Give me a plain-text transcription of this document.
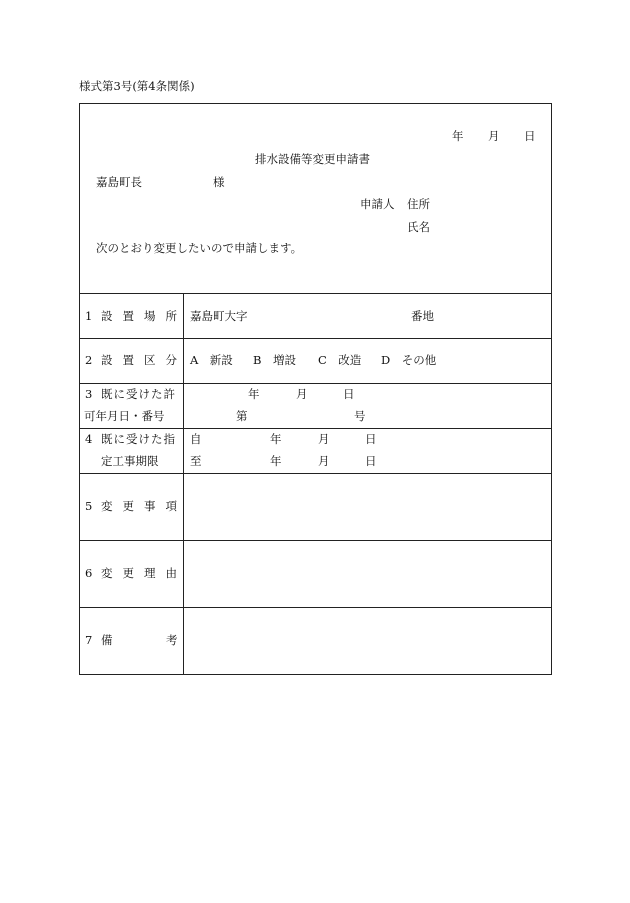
様式第3号(第4条関係)
年 月 日
排水設備等変更申請書
嘉島町長	様
申請人 住所
氏名
次のとおり変更したいので申請します。
1 設 置 場 所 嘉島町大字	番地
2 設 置 区 分 A　新設 B　増設 C　改造 D　その他
3 既に受けた許
可年月日・番号
年	月	日
第	号
4 既に受けた指
定工事期限
自	年	月	日
至	年	月	日
5 変 更 事 項
6 変 更 理 由
7 備	考
